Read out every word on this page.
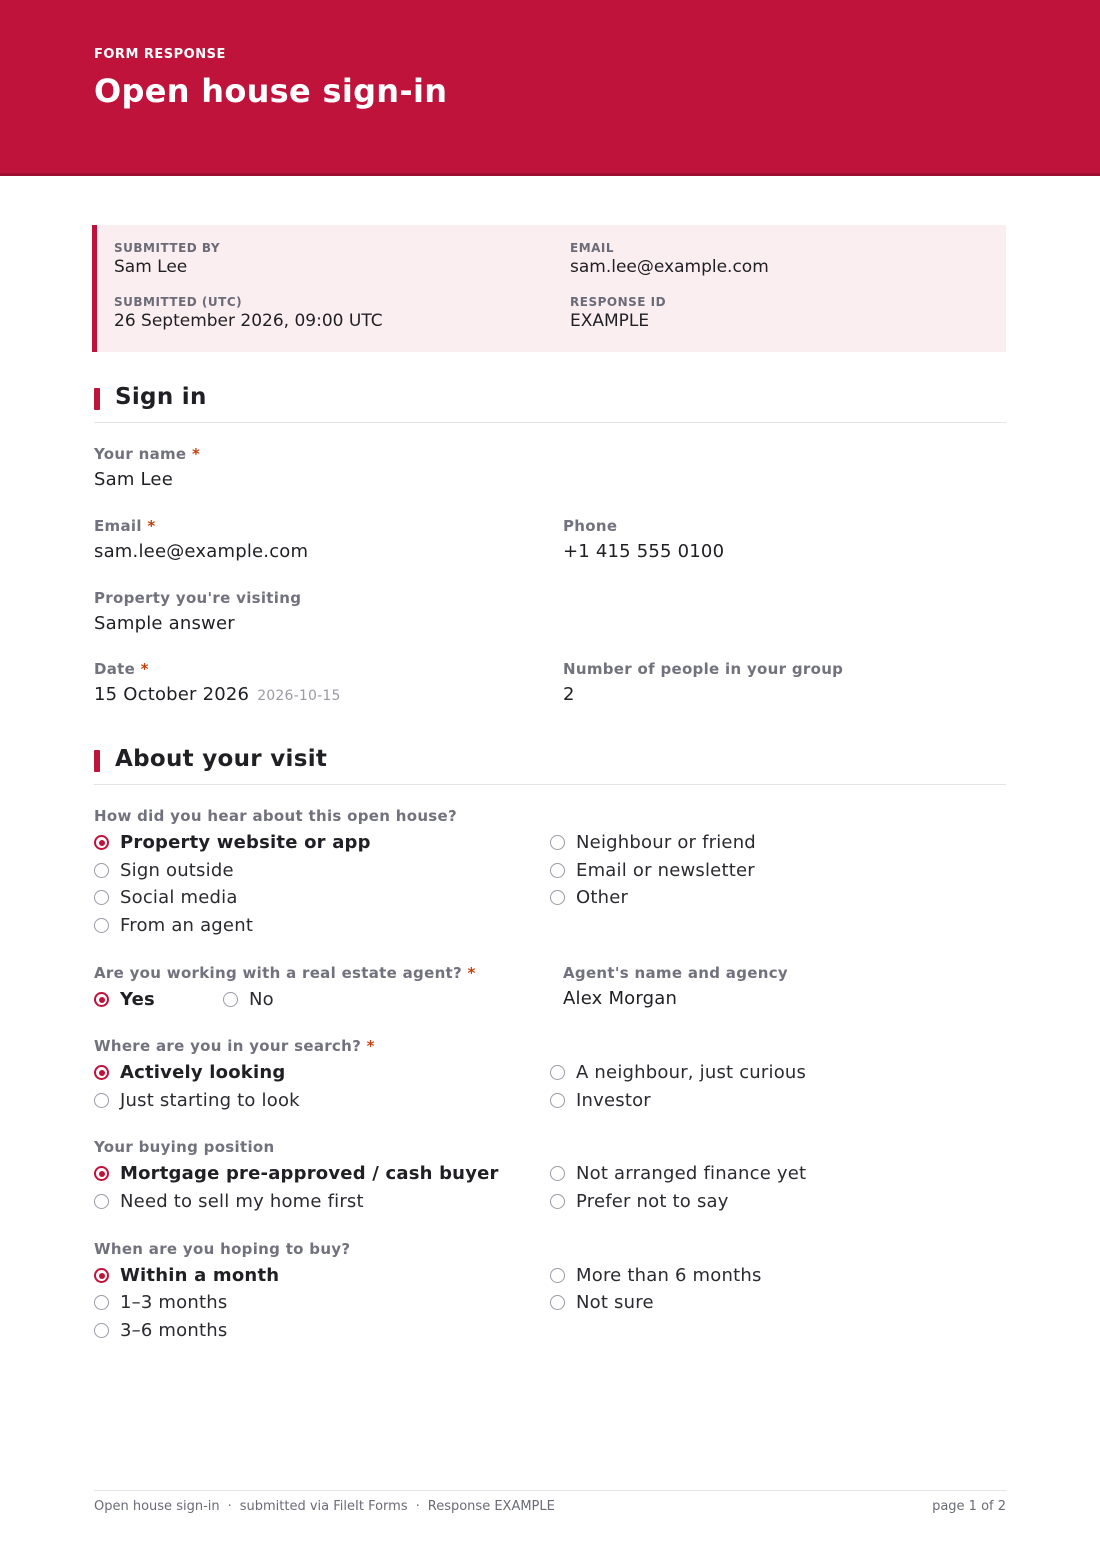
FORM RESPONSE
Open house sign-in
SUBMITTED BY
Sam Lee
EMAIL
sam.lee@example.com
SUBMITTED (UTC)
26 September 2026, 09:00 UTC
RESPONSE ID
EXAMPLE
Sign in
Your name *
Sam Lee
Email *
sam.lee@example.com
Phone
+1 415 555 0100
Property you're visiting
Sample answer
Date *
15 October 2026 2026-10-15
Number of people in your group
2
About your visit
How did you hear about this open house?
Property website or app
Sign outside
Social media
From an agent
Neighbour or friend
Email or newsletter
Other
Are you working with a real estate agent? *
Yes	No
Agent's name and agency
Alex Morgan
Where are you in your search? *
Actively looking
Just starting to look
A neighbour, just curious
Investor
Your buying position
Mortgage pre-approved / cash buyer
Need to sell my home first
Not arranged finance yet
Prefer not to say
When are you hoping to buy?
Within a month
1–3 months
3–6 months
More than 6 months
Not sure
Open house sign-in · submitted via FileIt Forms · Response EXAMPLE	page 1 of 2
